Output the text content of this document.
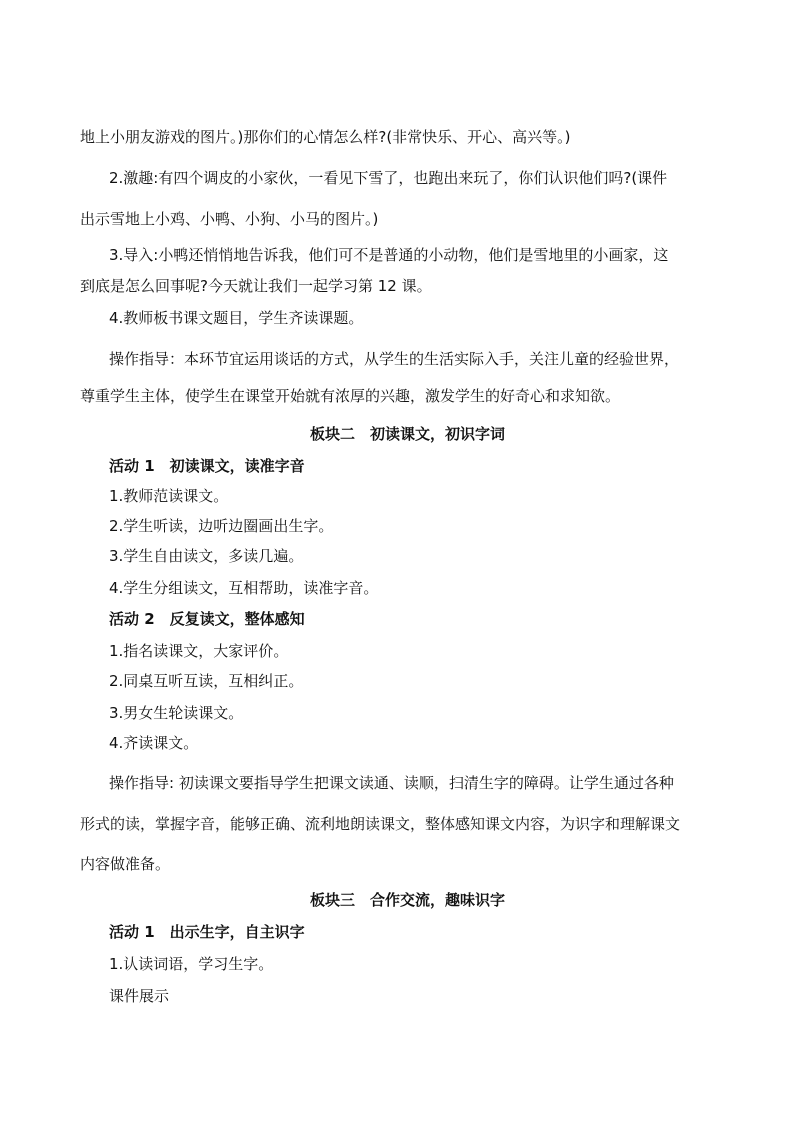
地上小朋友游戏的图片。)那你们的心情怎么样?(非常快乐、开心、高兴等。)
2.激趣:有四个调皮的小家伙，一看见下雪了，也跑出来玩了，你们认识他们吗?(课件
出示雪地上小鸡、小鸭、小狗、小马的图片。)
3.导入:小鸭还悄悄地告诉我，他们可不是普通的小动物，他们是雪地里的小画家，这
到底是怎么回事呢?今天就让我们一起学习第 12 课。
4.教师板书课文题目，学生齐读课题。
操作指导：本环节宜运用谈话的方式，从学生的生活实际入手，关注儿童的经验世界，
尊重学生主体，使学生在课堂开始就有浓厚的兴趣，激发学生的好奇心和求知欲。
板块二　初读课文，初识字词
活动 1　初读课文，读准字音
1.教师范读课文。
2.学生听读，边听边圈画出生字。
3.学生自由读文，多读几遍。
4.学生分组读文，互相帮助，读准字音。
活动 2　反复读文，整体感知
1.指名读课文，大家评价。
2.同桌互听互读，互相纠正。
3.男女生轮读课文。
4.齐读课文。
操作指导: 初读课文要指导学生把课文读通、读顺，扫清生字的障碍。让学生通过各种
形式的读，掌握字音，能够正确、流利地朗读课文，整体感知课文内容，为识字和理解课文
内容做准备。
板块三　合作交流，趣味识字
活动 1　出示生字，自主识字
1.认读词语，学习生字。
课件展示
